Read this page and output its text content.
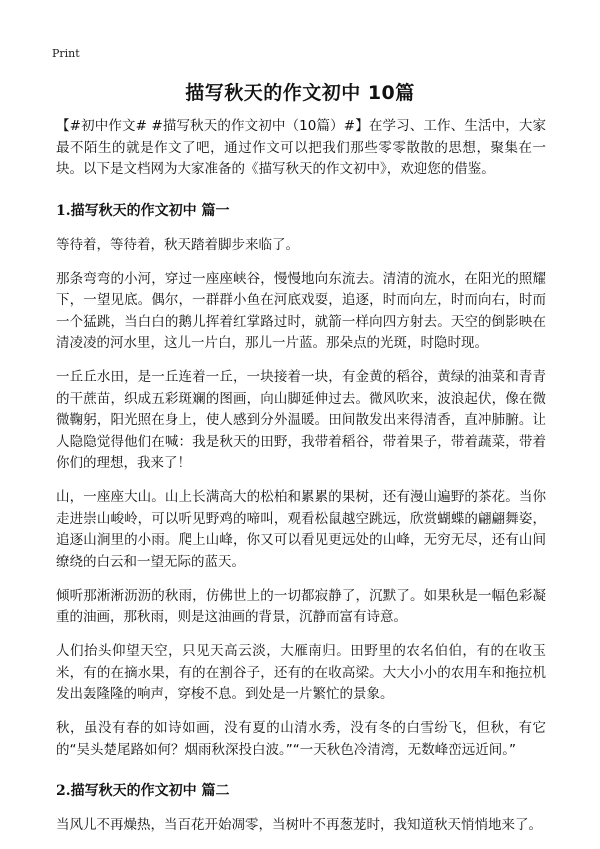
Print
描写秋天的作文初中 10篇

【#初中作文# #描写秋天的作文初中（10篇）#】在学习、工作、生活中，大家最不陌生的就是作文了吧，通过作文可以把我们那些零零散散的思想，聚集在一块。以下是文档网为大家准备的《描写秋天的作文初中》，欢迎您的借鉴。

1.描写秋天的作文初中 篇一

等待着，等待着，秋天踏着脚步来临了。

那条弯弯的小河，穿过一座座峡谷，慢慢地向东流去。清清的流水，在阳光的照耀下，一望见底。偶尔，一群群小鱼在河底戏耍，追逐，时而向左，时而向右，时而一个猛跳，当白白的鹅儿挥着红掌路过时，就箭一样向四方射去。天空的倒影映在清凌凌的河水里，这儿一片白，那儿一片蓝。那朵点的光斑，时隐时现。

一丘丘水田，是一丘连着一丘，一块接着一块，有金黄的稻谷，黄绿的油菜和青青的干蔗苗，织成五彩斑斓的图画，向山脚延伸过去。微风吹来，波浪起伏，像在微微鞠躬，阳光照在身上，使人感到分外温暖。田间散发出来得清香，直冲肺腑。让人隐隐觉得他们在喊：我是秋天的田野，我带着稻谷，带着果子，带着蔬菜，带着你们的理想，我来了！

山，一座座大山。山上长满高大的松柏和累累的果树，还有漫山遍野的茶花。当你走进崇山峻岭，可以听见野鸡的啼叫，观看松鼠越空跳远，欣赏蝴蝶的翩翩舞姿，追逐山涧里的小雨。爬上山峰，你又可以看见更远处的山峰，无穷无尽，还有山间缭绕的白云和一望无际的蓝天。

倾听那淅淅沥沥的秋雨，仿佛世上的一切都寂静了，沉默了。如果秋是一幅色彩凝重的油画，那秋雨，则是这油画的背景，沉静而富有诗意。

人们抬头仰望天空，只见天高云淡，大雁南归。田野里的农名伯伯，有的在收玉米，有的在摘水果，有的在割谷子，还有的在收高梁。大大小小的农用车和拖拉机发出轰隆隆的响声，穿梭不息。到处是一片繁忙的景象。

秋，虽没有春的如诗如画，没有夏的山清水秀，没有冬的白雪纷飞，但秋，有它的“吴头楚尾路如何？烟雨秋深投白波。”“一天秋色冷清湾，无数峰峦远近间。”

2.描写秋天的作文初中 篇二

当风儿不再燥热，当百花开始凋零，当树叶不再葱茏时，我知道秋天悄悄地来了。
